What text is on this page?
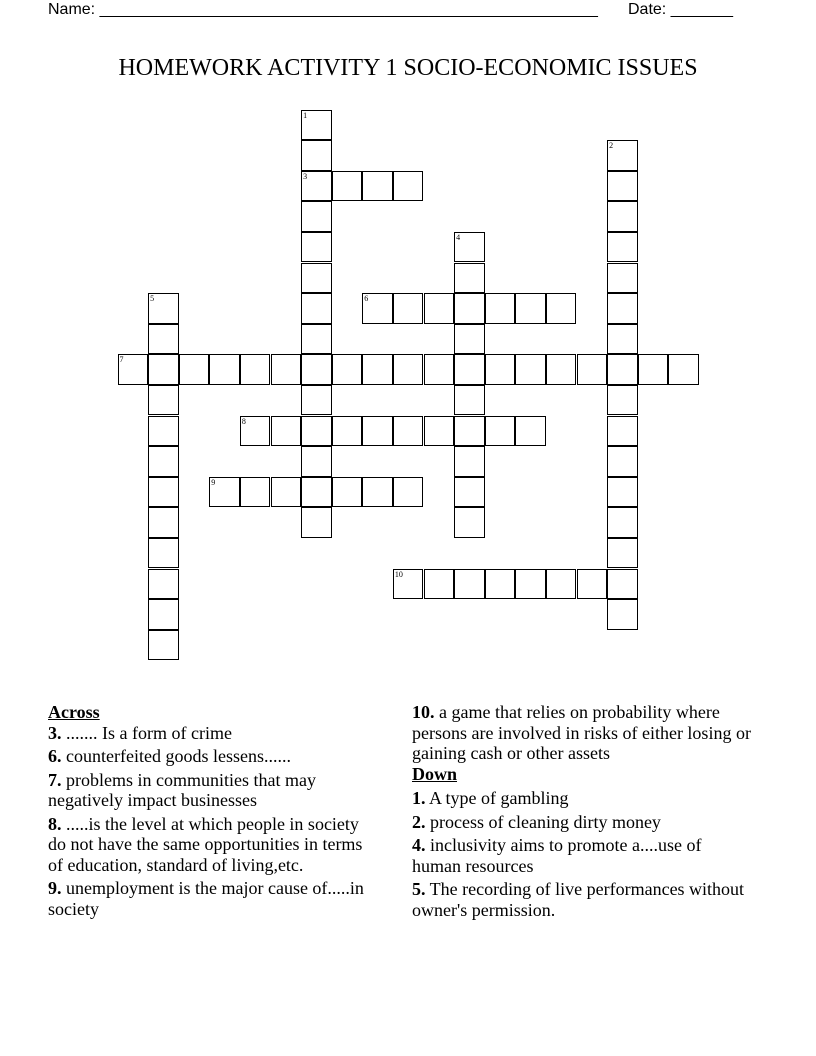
Name: ________________________________________________________ Date: _______
HOMEWORK ACTIVITY 1 SOCIO-ECONOMIC ISSUES
1
3
2
4
5	6
7
8
9
10

Across

3. ....... Is a form of crime
6. counterfeited goods lessens......
7. problems in communities that may negatively impact businesses
8. .....is the level at which people in society do not have the same opportunities in terms of education, standard of living,etc.
9. unemployment is the major cause of.....in society
10. a game that relies on probability where persons are involved in risks of either losing or gaining cash or other assets

Down

1. A type of gambling
2. process of cleaning dirty money
4. inclusivity aims to promote a....use of human resources
5. The recording of live performances without owner's permission.
